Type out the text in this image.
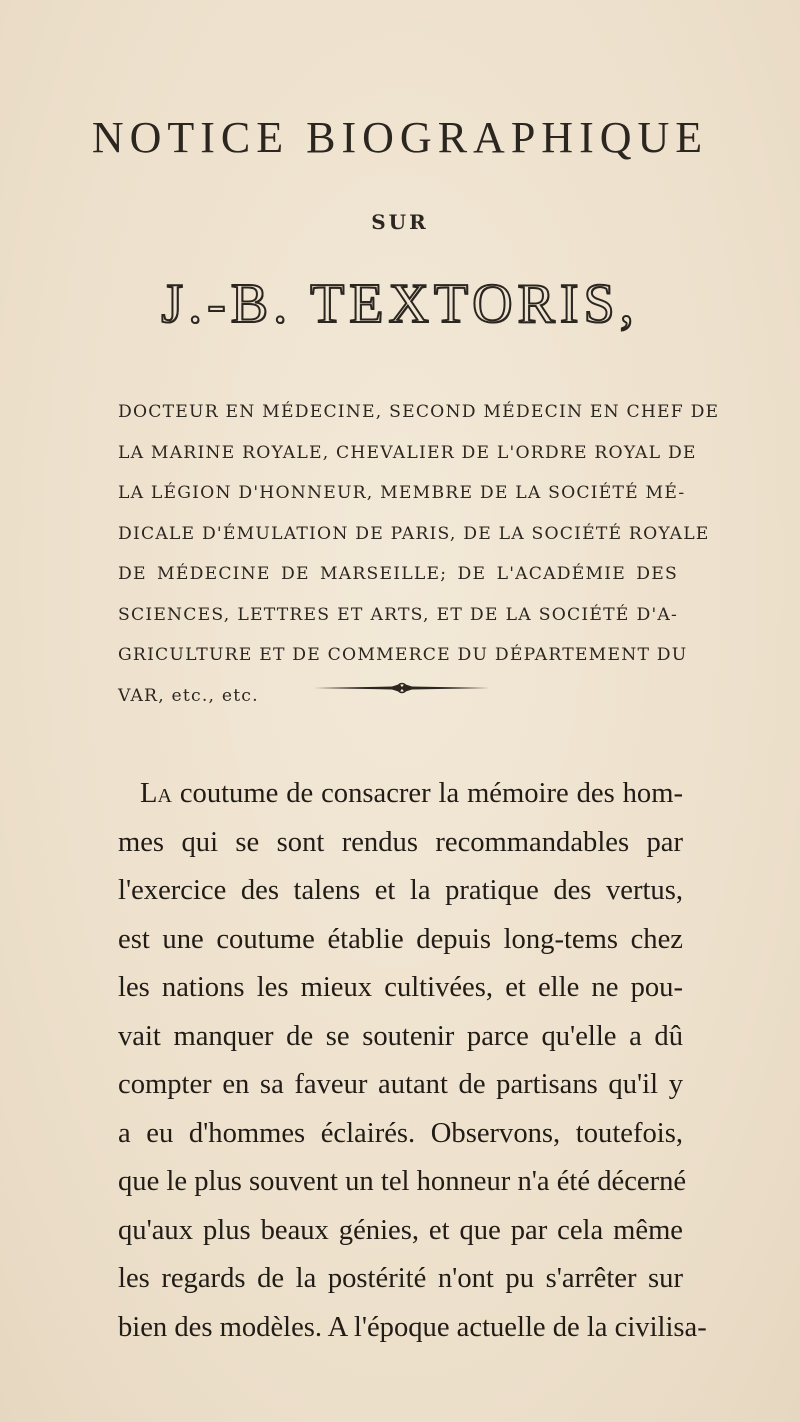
NOTICE BIOGRAPHIQUE
SUR
J.-B. TEXTORIS,
DOCTEUR EN MÉDECINE, SECOND MÉDECIN EN CHEF DE
LA MARINE ROYALE, CHEVALIER DE L'ORDRE ROYAL DE
LA LÉGION D'HONNEUR, MEMBRE DE LA SOCIÉTÉ MÉ-
DICALE D'ÉMULATION DE PARIS, DE LA SOCIÉTÉ ROYALE
DE MÉDECINE DE MARSEILLE; DE L'ACADÉMIE DES
SCIENCES, LETTRES ET ARTS, ET DE LA SOCIÉTÉ D'A-
GRICULTURE ET DE COMMERCE DU DÉPARTEMENT DU
VAR, etc., etc.
La coutume de consacrer la mémoire des hom-
mes qui se sont rendus recommandables par
l'exercice des talens et la pratique des vertus,
est une coutume établie depuis long-tems chez
les nations les mieux cultivées, et elle ne pou-
vait manquer de se soutenir parce qu'elle a dû
compter en sa faveur autant de partisans qu'il y
a eu d'hommes éclairés. Observons, toutefois,
que le plus souvent un tel honneur n'a été décerné
qu'aux plus beaux génies, et que par cela même
les regards de la postérité n'ont pu s'arrêter sur
bien des modèles. A l'époque actuelle de la civilisa-
